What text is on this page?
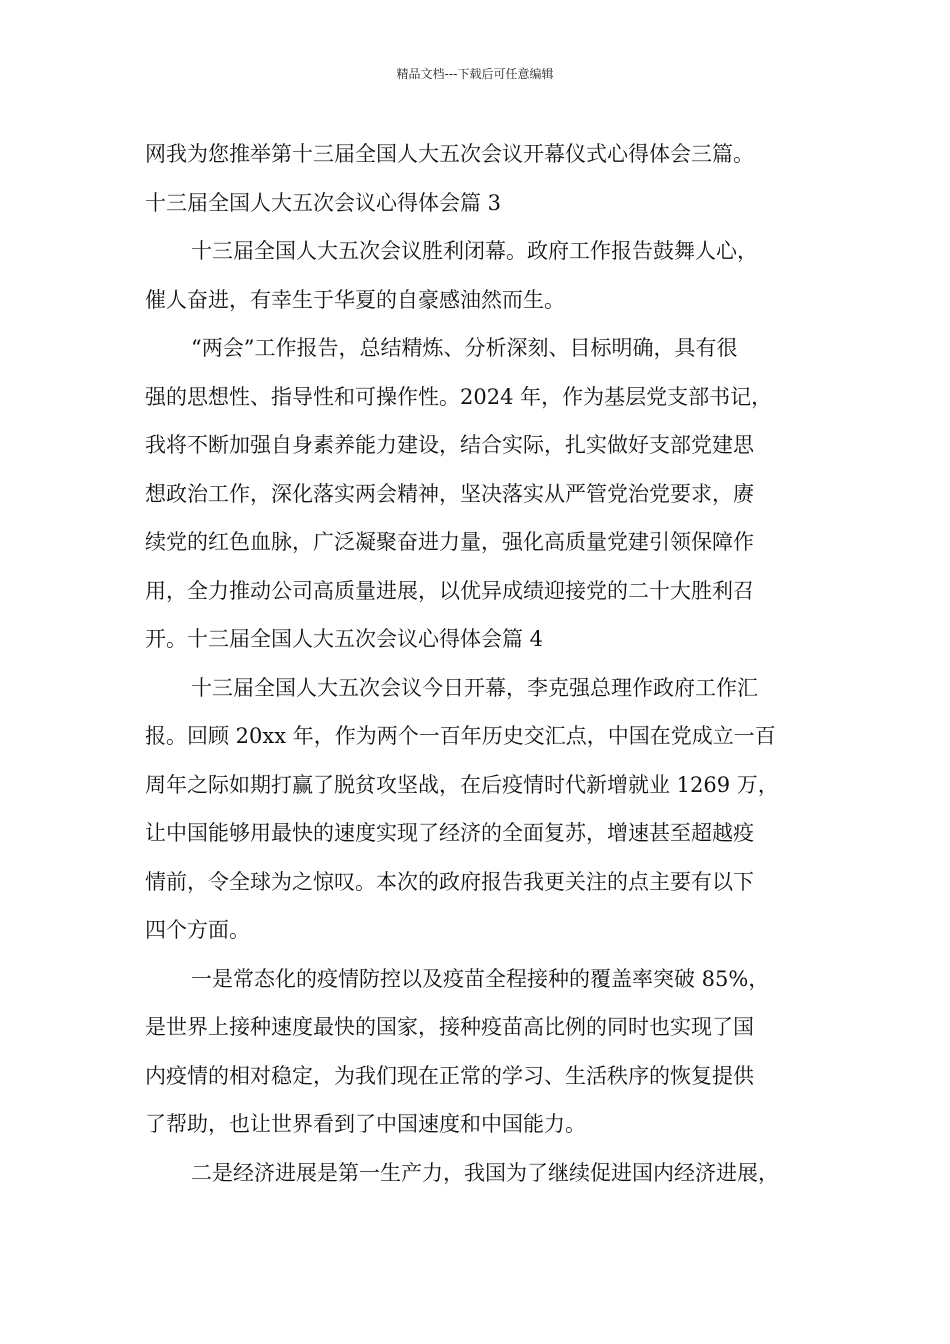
精品文档---下载后可任意编辑
网我为您推举第十三届全国人大五次会议开幕仪式心得体会三篇。
十三届全国人大五次会议心得体会篇 3
十三届全国人大五次会议胜利闭幕。政府工作报告鼓舞人心，
催人奋进，有幸生于华夏的自豪感油然而生。
“两会”工作报告，总结精炼、分析深刻、目标明确，具有很
强的思想性、指导性和可操作性。2024 年，作为基层党支部书记，
我将不断加强自身素养能力建设，结合实际，扎实做好支部党建思
想政治工作，深化落实两会精神，坚决落实从严管党治党要求，赓
续党的红色血脉，广泛凝聚奋进力量，强化高质量党建引领保障作
用，全力推动公司高质量进展，以优异成绩迎接党的二十大胜利召
开。十三届全国人大五次会议心得体会篇 4
十三届全国人大五次会议今日开幕，李克强总理作政府工作汇
报。回顾 20xx 年，作为两个一百年历史交汇点，中国在党成立一百
周年之际如期打赢了脱贫攻坚战，在后疫情时代新增就业 1269 万，
让中国能够用最快的速度实现了经济的全面复苏，增速甚至超越疫
情前，令全球为之惊叹。本次的政府报告我更关注的点主要有以下
四个方面。
一是常态化的疫情防控以及疫苗全程接种的覆盖率突破 85%，
是世界上接种速度最快的国家，接种疫苗高比例的同时也实现了国
内疫情的相对稳定，为我们现在正常的学习、生活秩序的恢复提供
了帮助，也让世界看到了中国速度和中国能力。
二是经济进展是第一生产力，我国为了继续促进国内经济进展，
